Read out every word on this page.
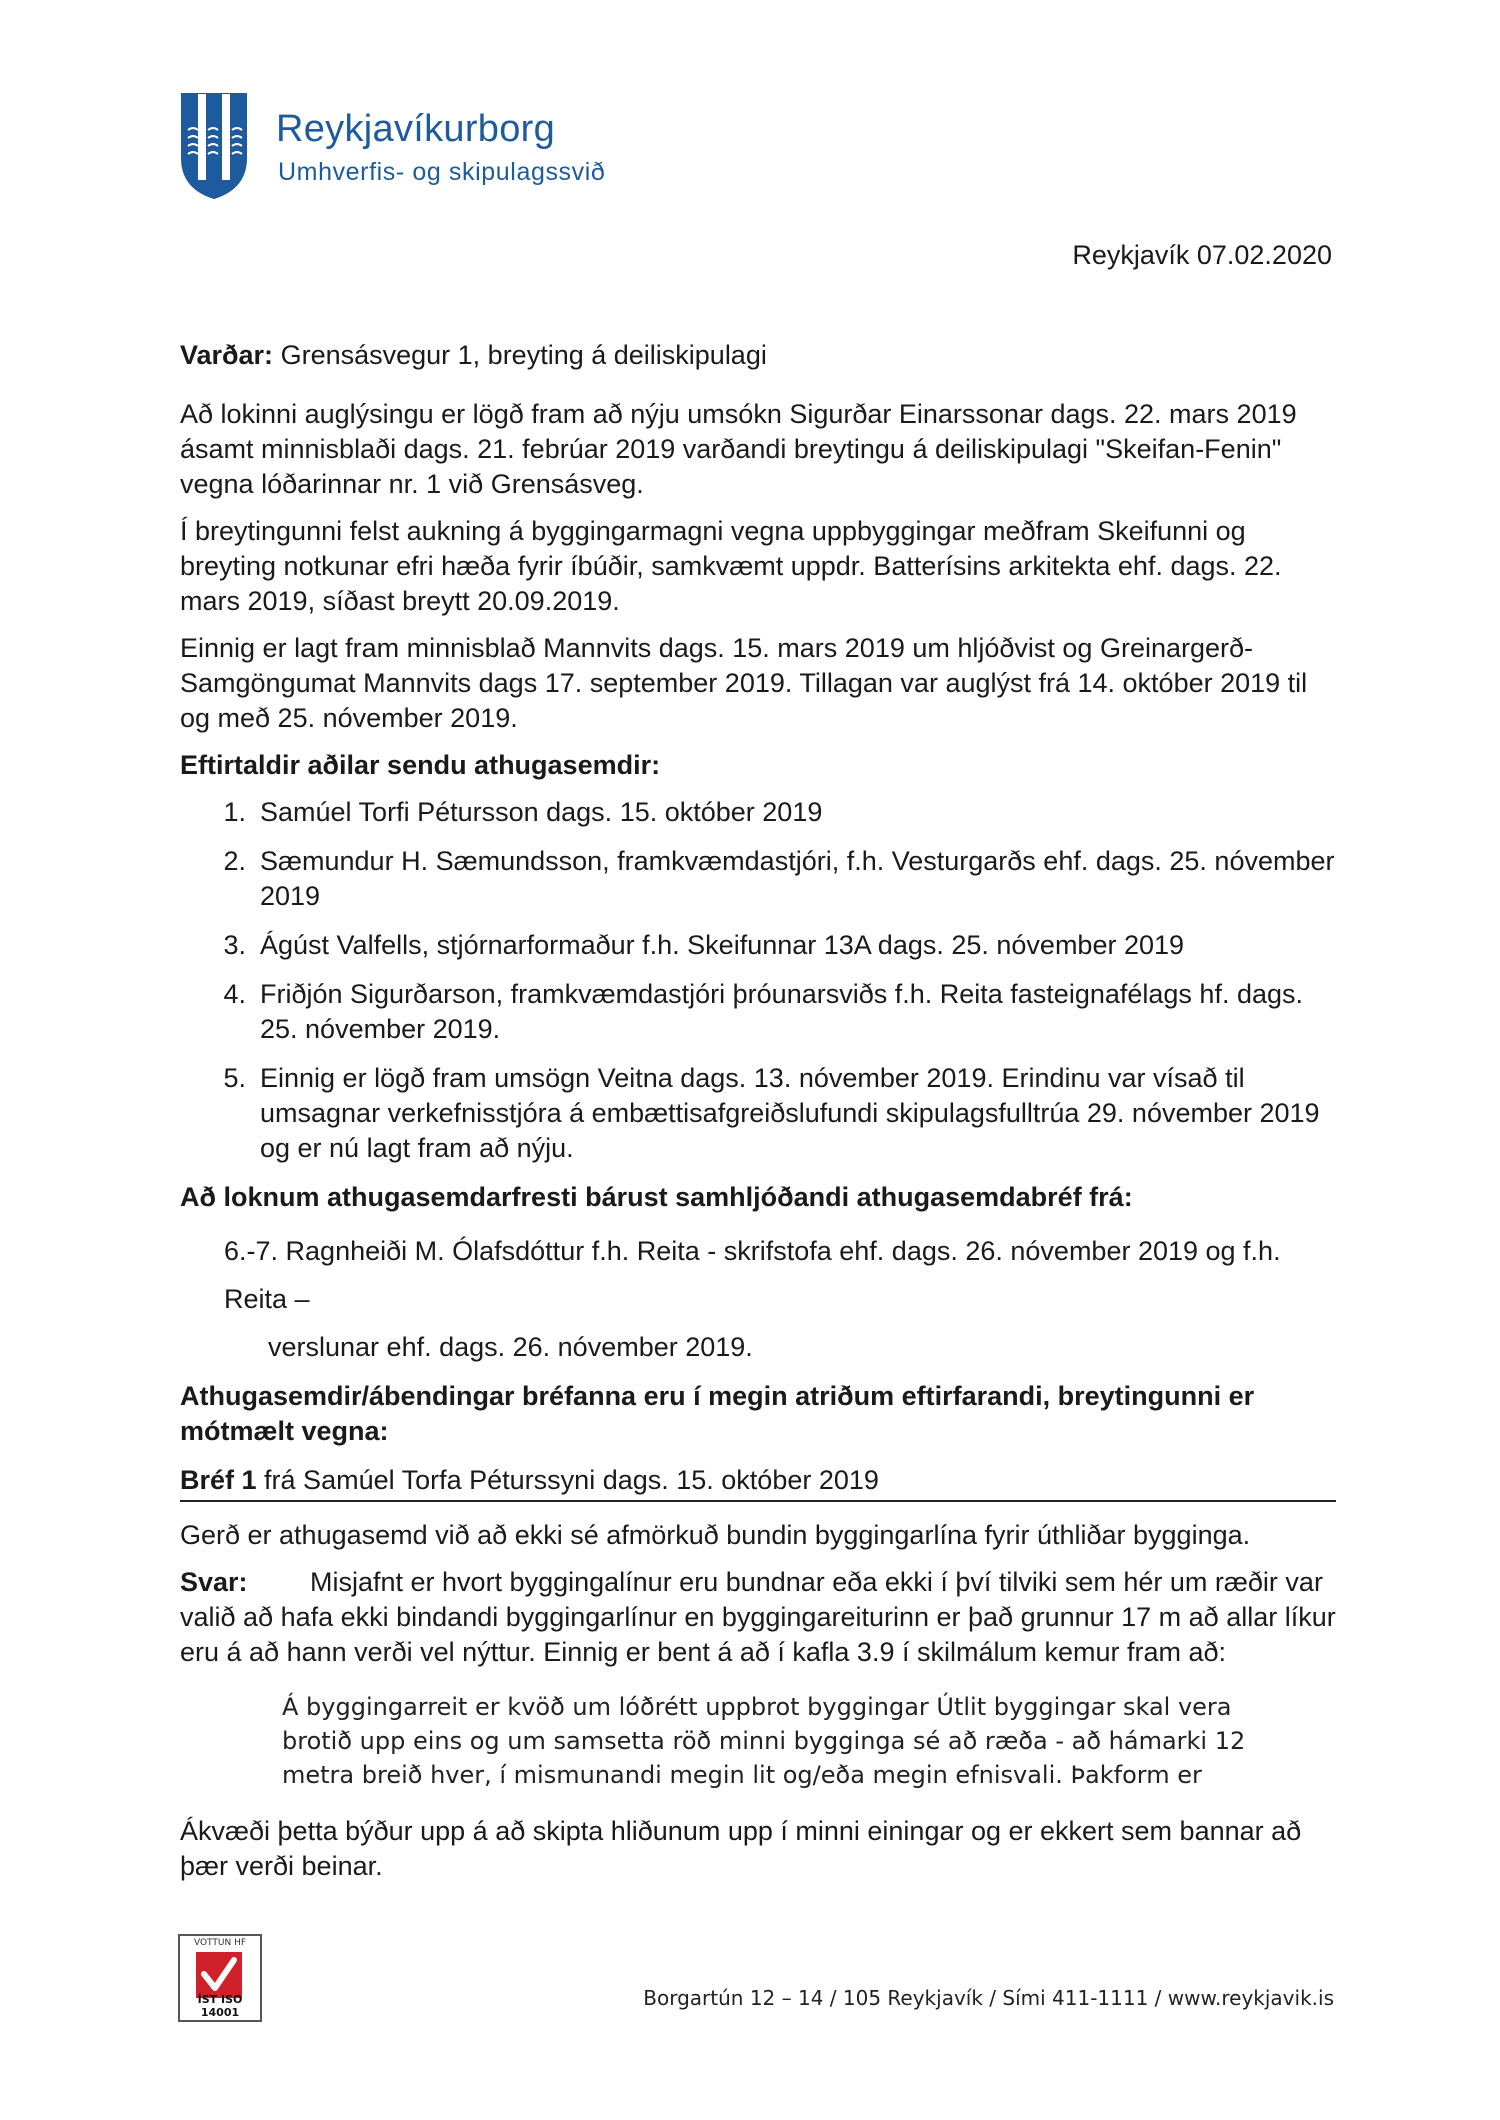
Reykjavíkurborg
Umhverfis- og skipulagssvið
Reykjavík 07.02.2020

Varðar: Grensásvegur 1, breyting á deiliskipulagi

Að lokinni auglýsingu er lögð fram að nýju umsókn Sigurðar Einarssonar dags. 22. mars 2019 ásamt minnisblaði dags. 21. febrúar 2019 varðandi breytingu á deiliskipulagi "Skeifan-Fenin" vegna lóðarinnar nr. 1 við Grensásveg.

Í breytingunni felst aukning á byggingarmagni vegna uppbyggingar meðfram Skeifunni og breyting notkunar efri hæða fyrir íbúðir, samkvæmt uppdr. Batterísins arkitekta ehf. dags. 22. mars 2019, síðast breytt 20.09.2019.

Einnig er lagt fram minnisblað Mannvits dags. 15. mars 2019 um hljóðvist og Greinargerð-Samgöngumat Mannvits dags 17. september 2019. Tillagan var auglýst frá 14. október 2019 til og með 25. nóvember 2019.

Eftirtaldir aðilar sendu athugasemdir:

1. Samúel Torfi Pétursson dags. 15. október 2019
2. Sæmundur H. Sæmundsson, framkvæmdastjóri, f.h. Vesturgarðs ehf. dags. 25. nóvember 2019
3. Ágúst Valfells, stjórnarformaður f.h. Skeifunnar 13A dags. 25. nóvember 2019
4. Friðjón Sigurðarson, framkvæmdastjóri þróunarsviðs f.h. Reita fasteignafélags hf. dags. 25. nóvember 2019.
5. Einnig er lögð fram umsögn Veitna dags. 13. nóvember 2019. Erindinu var vísað til umsagnar verkefnisstjóra á embættisafgreiðslufundi skipulagsfulltrúa 29. nóvember 2019 og er nú lagt fram að nýju.

Að loknum athugasemdarfresti bárust samhljóðandi athugasemdabréf frá:

6.-7. Ragnheiði M. Ólafsdóttur f.h. Reita - skrifstofa ehf. dags. 26. nóvember 2019 og f.h. Reita –
verslunar ehf. dags. 26. nóvember 2019.

Athugasemdir/ábendingar bréfanna eru í megin atriðum eftirfarandi, breytingunni er mótmælt vegna:

Bréf 1 frá Samúel Torfa Péturssyni dags. 15. október 2019

Gerð er athugasemd við að ekki sé afmörkuð bundin byggingarlína fyrir úthliðar bygginga.

Svar: Misjafnt er hvort byggingalínur eru bundnar eða ekki í því tilviki sem hér um ræðir var valið að hafa ekki bindandi byggingarlínur en byggingareiturinn er það grunnur 17 m að allar líkur eru á að hann verði vel nýttur. Einnig er bent á að í kafla 3.9 í skilmálum kemur fram að:

Á byggingarreit er kvöð um lóðrétt uppbrot byggingar Útlit byggingar skal vera
brotið upp eins og um samsetta röð minni bygginga sé að ræða - að hámarki 12
metra breið hver, í mismunandi megin lit og/eða megin efnisvali. Þakform er

Ákvæði þetta býður upp á að skipta hliðunum upp í minni einingar og er ekkert sem bannar að þær verði beinar.

VOTTUN HF
ÍST ISO 14001
Borgartún 12 – 14 / 105 Reykjavík / Sími 411-1111 / www.reykjavik.is
